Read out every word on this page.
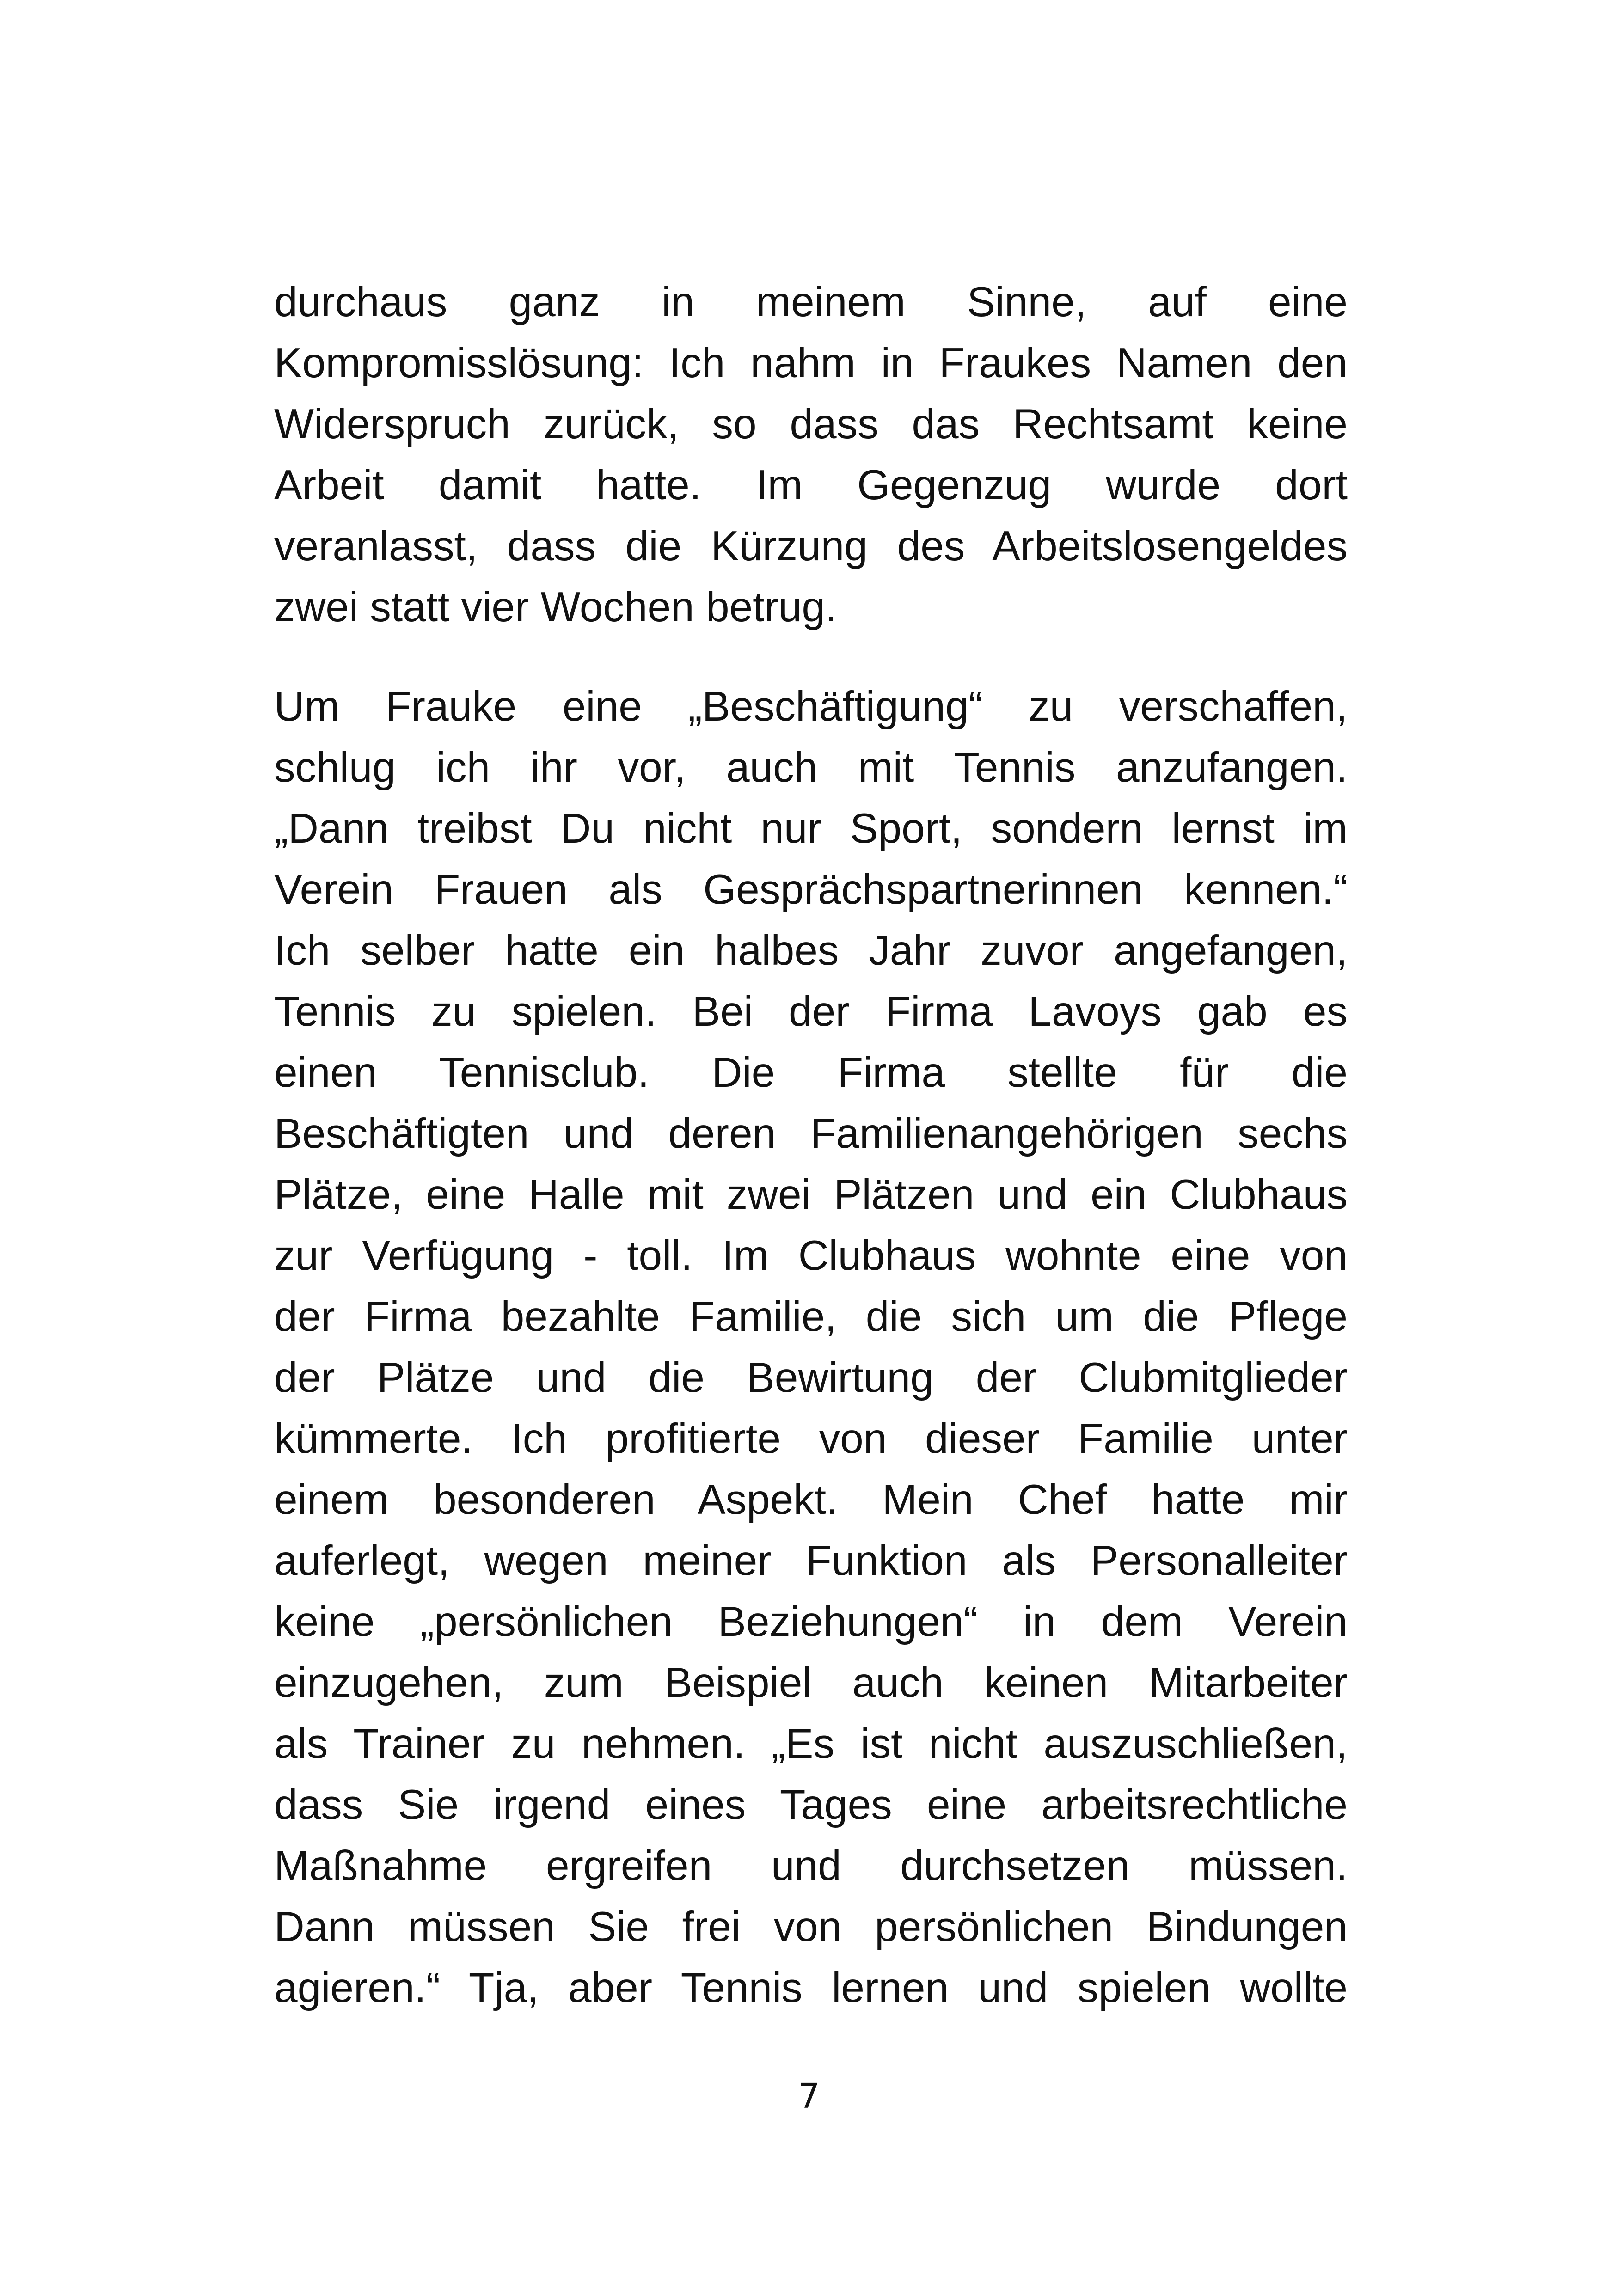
durchaus ganz in meinem Sinne, auf eine
Kompromisslösung: Ich nahm in Fraukes Namen den
Widerspruch zurück, so dass das Rechtsamt keine
Arbeit damit hatte. Im Gegenzug wurde dort
veranlasst, dass die Kürzung des Arbeitslosengeldes
zwei statt vier Wochen betrug.
Um Frauke eine „Beschäftigung“ zu verschaffen,
schlug ich ihr vor, auch mit Tennis anzufangen.
„Dann treibst Du nicht nur Sport, sondern lernst im
Verein Frauen als Gesprächspartnerinnen kennen.“
Ich selber hatte ein halbes Jahr zuvor angefangen,
Tennis zu spielen. Bei der Firma Lavoys gab es
einen Tennisclub. Die Firma stellte für die
Beschäftigten und deren Familienangehörigen sechs
Plätze, eine Halle mit zwei Plätzen und ein Clubhaus
zur Verfügung - toll. Im Clubhaus wohnte eine von
der Firma bezahlte Familie, die sich um die Pflege
der Plätze und die Bewirtung der Clubmitglieder
kümmerte. Ich profitierte von dieser Familie unter
einem besonderen Aspekt. Mein Chef hatte mir
auferlegt, wegen meiner Funktion als Personalleiter
keine „persönlichen Beziehungen“ in dem Verein
einzugehen, zum Beispiel auch keinen Mitarbeiter
als Trainer zu nehmen. „Es ist nicht auszuschließen,
dass Sie irgend eines Tages eine arbeitsrechtliche
Maßnahme ergreifen und durchsetzen müssen.
Dann müssen Sie frei von persönlichen Bindungen
agieren.“ Tja, aber Tennis lernen und spielen wollte
7
